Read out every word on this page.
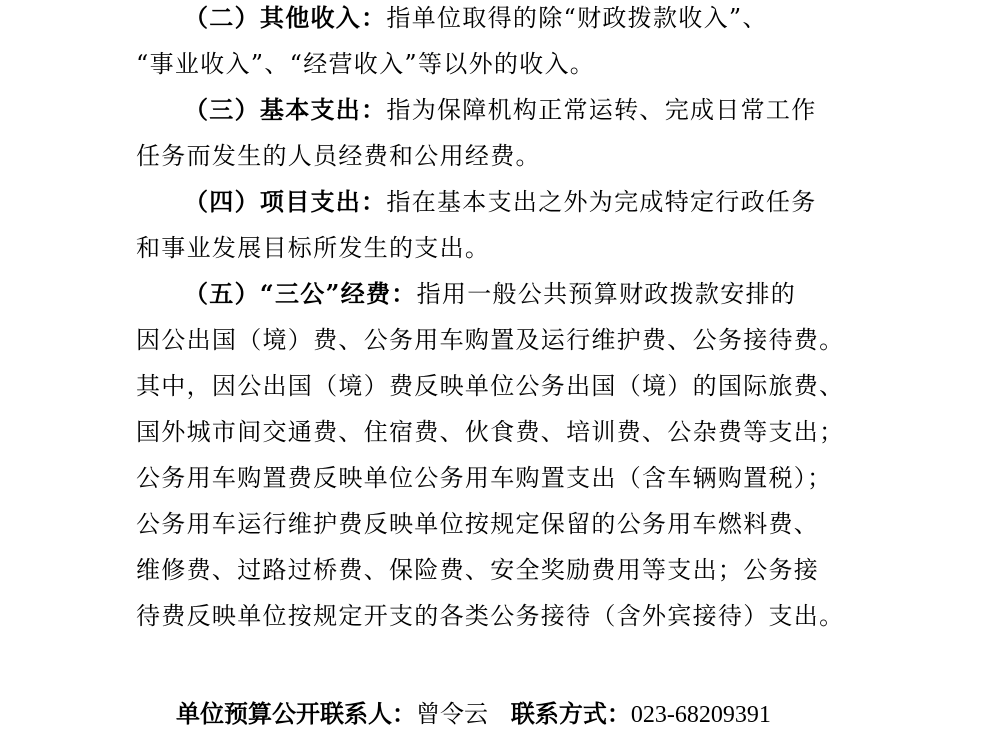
（二）其他收入：指单位取得的除“财政拨款收入”、
“事业收入”、“经营收入”等以外的收入。
（三）基本支出：指为保障机构正常运转、完成日常工作
任务而发生的人员经费和公用经费。
（四）项目支出：指在基本支出之外为完成特定行政任务
和事业发展目标所发生的支出。
（五）“三公”经费：指用一般公共预算财政拨款安排的
因公出国（境）费、公务用车购置及运行维护费、公务接待费。
其中，因公出国（境）费反映单位公务出国（境）的国际旅费、
国外城市间交通费、住宿费、伙食费、培训费、公杂费等支出；
公务用车购置费反映单位公务用车购置支出（含车辆购置税）；
公务用车运行维护费反映单位按规定保留的公务用车燃料费、
维修费、过路过桥费、保险费、安全奖励费用等支出；公务接
待费反映单位按规定开支的各类公务接待（含外宾接待）支出。
单位预算公开联系人：曾令云 联系方式：023-68209391
